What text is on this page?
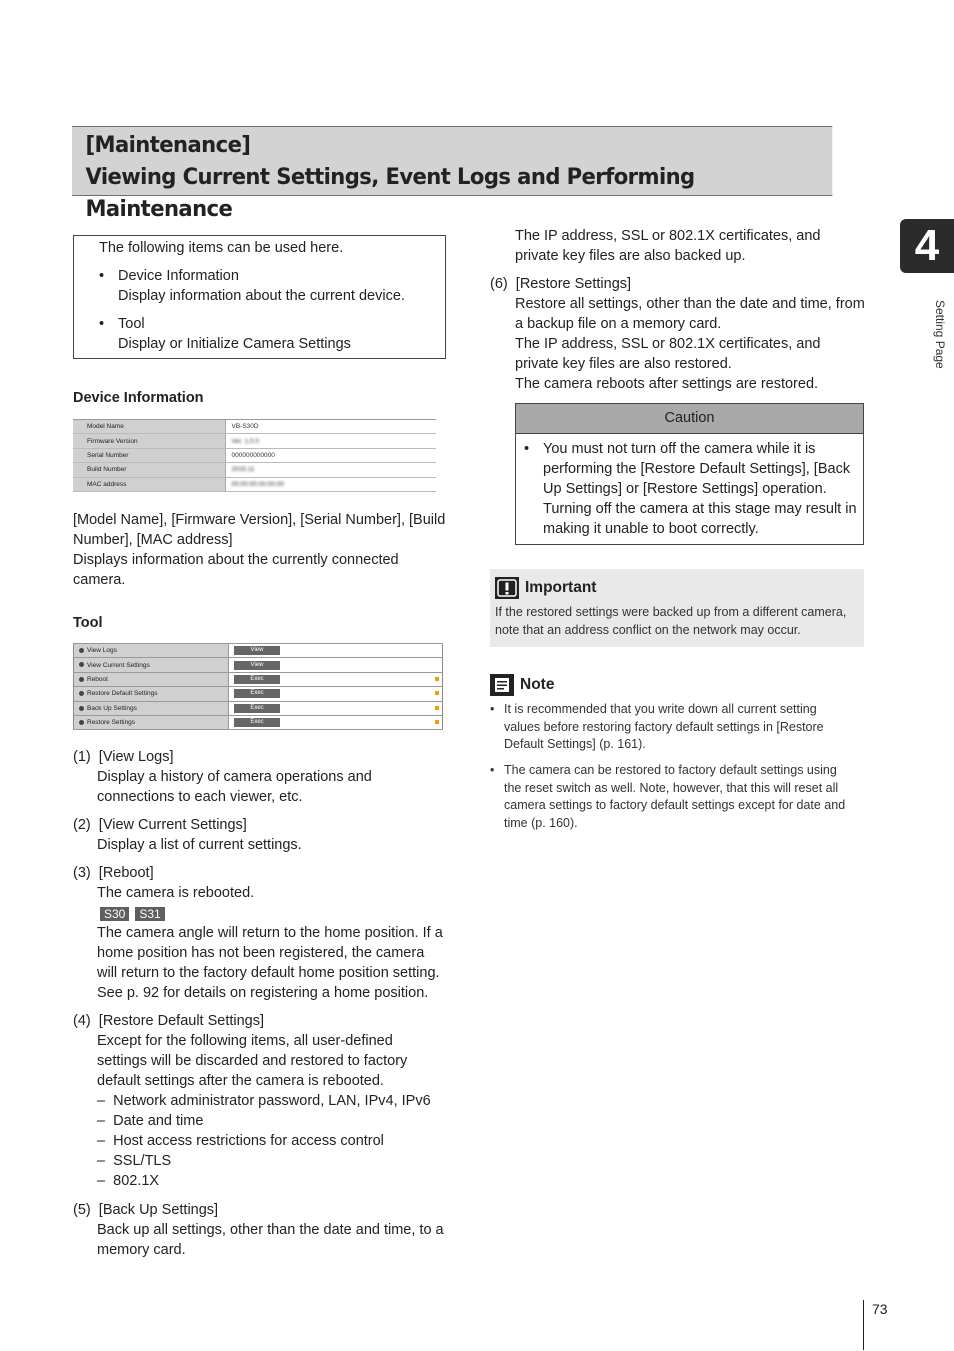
[Maintenance]
Viewing Current Settings, Event Logs and Performing Maintenance
4
Setting Page
The following items can be used here.
• Device Information
Display information about the current device.
• Tool
Display or Initialize Camera Settings
Device Information
Model Name	VB-S30D
Firmware Version	Ver. 1.0.0
Serial Number	000000000000
Build Number	2015.11
MAC address	00:00:00:00:00:00
[Model Name], [Firmware Version], [Serial Number], [Build
Number], [MAC address]
Displays information about the currently connected
camera.
Tool
View Logs	View	
View Current Settings	View	
Reboot	Exec	
Restore Default Settings	Exec	
Back Up Settings	Exec	
Restore Settings	Exec	
(1) [View Logs]
Display a history of camera operations and
connections to each viewer, etc.
(2) [View Current Settings]
Display a list of current settings.
(3) [Reboot]
The camera is rebooted.
S30 S31
The camera angle will return to the home position. If a
home position has not been registered, the camera
will return to the factory default home position setting.
See p. 92 for details on registering a home position.
(4) [Restore Default Settings]
Except for the following items, all user-defined
settings will be discarded and restored to factory
default settings after the camera is rebooted.
– Network administrator password, LAN, IPv4, IPv6
– Date and time
– Host access restrictions for access control
– SSL/TLS
– 802.1X
(5) [Back Up Settings]
Back up all settings, other than the date and time, to a
memory card.
The IP address, SSL or 802.1X certificates, and
private key files are also backed up.
(6) [Restore Settings]
Restore all settings, other than the date and time, from
a backup file on a memory card.
The IP address, SSL or 802.1X certificates, and
private key files are also restored.
The camera reboots after settings are restored.
Caution
• You must not turn off the camera while it is
performing the [Restore Default Settings], [Back
Up Settings] or [Restore Settings] operation.
Turning off the camera at this stage may result in
making it unable to boot correctly.
Important
If the restored settings were backed up from a different camera,
note that an address conflict on the network may occur.
Note
• It is recommended that you write down all current setting
values before restoring factory default settings in [Restore
Default Settings] (p. 161).
• The camera can be restored to factory default settings using
the reset switch as well. Note, however, that this will reset all
camera settings to factory default settings except for date and
time (p. 160).
73
